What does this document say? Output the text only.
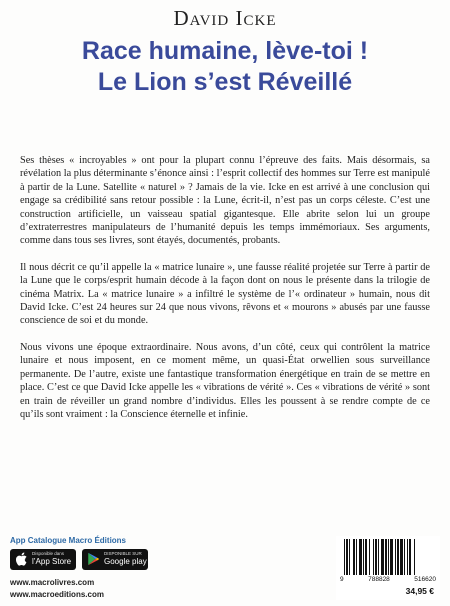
David Icke
Race humaine, lève-toi !
Le Lion s’est Réveillé

Ses thèses « incroyables » ont pour la plupart connu l’épreuve des faits. Mais désormais, sa révélation la plus déterminante s’énonce ainsi : l’esprit collectif des hommes sur Terre est manipulé à partir de la Lune. Satellite « naturel » ? Jamais de la vie. Icke en est arrivé à une conclusion qui engage sa crédibilité sans retour possible : la Lune, écrit-il, n’est pas un corps céleste. C’est une construction artificielle, un vaisseau spatial gigantesque. Elle abrite selon lui un groupe d’extraterrestres manipulateurs de l’humanité depuis les temps immémoriaux. Ses arguments, comme dans tous ses livres, sont étayés, documentés, probants.

Il nous décrit ce qu’il appelle la « matrice lunaire », une fausse réalité projetée sur Terre à partir de la Lune que le corps/esprit humain décode à la façon dont on nous le présente dans la trilogie de cinéma Matrix. La « matrice lunaire » a infiltré le système de l’« ordinateur » humain, nous dit David Icke. C’est 24 heures sur 24 que nous vivons, rêvons et « mourons » abusés par une fausse conscience de soi et du monde.

Nous vivons une époque extraordinaire. Nous avons, d’un côté, ceux qui contrôlent la matrice lunaire et nous imposent, en ce moment même, un quasi-État orwellien sous surveillance permanente. De l’autre, existe une fantastique transformation énergétique en train de se mettre en place. C’est ce que David Icke appelle les « vibrations de vérité ». Ces « vibrations de vérité » sont en train de réveiller un grand nombre d’individus. Elles les poussent à se rendre compte de ce qu’ils sont vraiment : la Conscience éternelle et infinie.

App Catalogue Macro Éditions
Disponible dans
l’App Store
DISPONIBLE SUR
Google play
www.macrolivres.com
www.macroeditions.com
9	788828	516620
34,95 €
